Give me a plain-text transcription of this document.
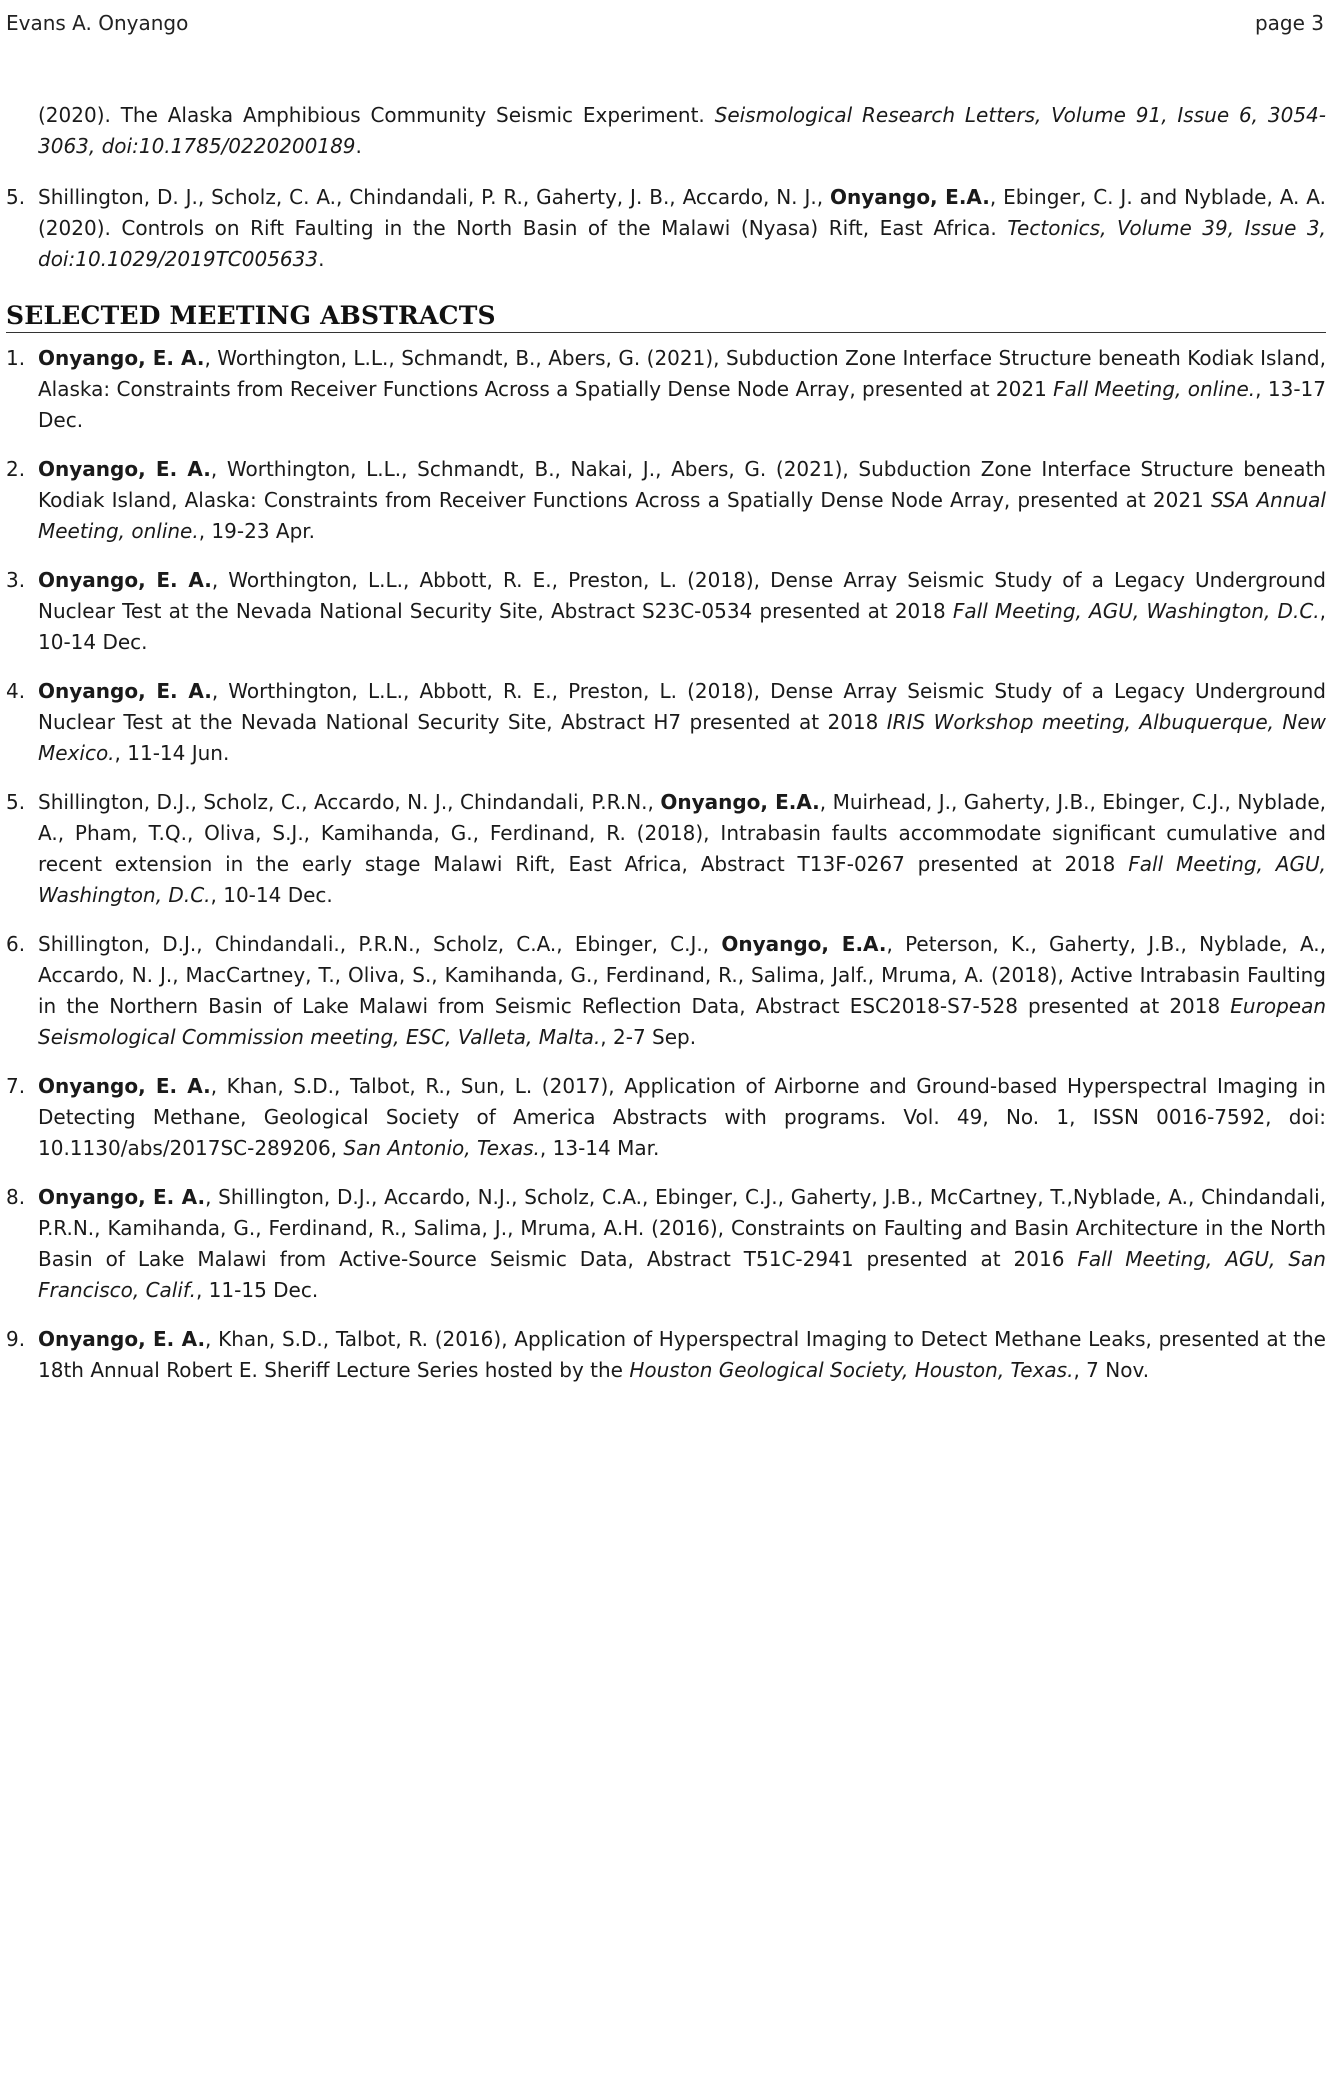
Evans A. Onyango	page 3
(2020). The Alaska Amphibious Community Seismic Experiment. Seismological Research Letters, Volume 91, Issue 6, 3054-3063, doi:10.1785/0220200189.
5. Shillington, D. J., Scholz, C. A., Chindandali, P. R., Gaherty, J. B., Accardo, N. J., Onyango, E.A., Ebinger, C. J. and Nyblade, A. A. (2020). Controls on Rift Faulting in the North Basin of the Malawi (Nyasa) Rift, East Africa. Tectonics, Volume 39, Issue 3, doi:10.1029/2019TC005633.
SELECTED MEETING ABSTRACTS
1. Onyango, E. A., Worthington, L.L., Schmandt, B., Abers, G. (2021), Subduction Zone Interface Structure beneath Kodiak Island, Alaska: Constraints from Receiver Functions Across a Spatially Dense Node Array, presented at 2021 Fall Meeting, online., 13-17 Dec.
2. Onyango, E. A., Worthington, L.L., Schmandt, B., Nakai, J., Abers, G. (2021), Subduction Zone Interface Structure beneath Kodiak Island, Alaska: Constraints from Receiver Functions Across a Spatially Dense Node Array, presented at 2021 SSA Annual Meeting, online., 19-23 Apr.
3. Onyango, E. A., Worthington, L.L., Abbott, R. E., Preston, L. (2018), Dense Array Seismic Study of a Legacy Underground Nuclear Test at the Nevada National Security Site, Abstract S23C-0534 presented at 2018 Fall Meeting, AGU, Washington, D.C., 10-14 Dec.
4. Onyango, E. A., Worthington, L.L., Abbott, R. E., Preston, L. (2018), Dense Array Seismic Study of a Legacy Underground Nuclear Test at the Nevada National Security Site, Abstract H7 presented at 2018 IRIS Workshop meeting, Albuquerque, New Mexico., 11-14 Jun.
5. Shillington, D.J., Scholz, C., Accardo, N. J., Chindandali, P.R.N., Onyango, E.A., Muirhead, J., Gaherty, J.B., Ebinger, C.J., Nyblade, A., Pham, T.Q., Oliva, S.J., Kamihanda, G., Ferdinand, R. (2018), Intrabasin faults accommodate significant cumulative and recent extension in the early stage Malawi Rift, East Africa, Abstract T13F-0267 presented at 2018 Fall Meeting, AGU, Washington, D.C., 10-14 Dec.
6. Shillington, D.J., Chindandali., P.R.N., Scholz, C.A., Ebinger, C.J., Onyango, E.A., Peterson, K., Gaherty, J.B., Nyblade, A., Accardo, N. J., MacCartney, T., Oliva, S., Kamihanda, G., Ferdinand, R., Salima, Jalf., Mruma, A. (2018), Active Intrabasin Faulting in the Northern Basin of Lake Malawi from Seismic Reflection Data, Abstract ESC2018-S7-528 presented at 2018 European Seismological Commission meeting, ESC, Valleta, Malta., 2-7 Sep.
7. Onyango, E. A., Khan, S.D., Talbot, R., Sun, L. (2017), Application of Airborne and Ground-based Hyperspectral Imaging in Detecting Methane, Geological Society of America Abstracts with programs. Vol. 49, No. 1, ISSN 0016-7592, doi: 10.1130/abs/2017SC-289206, San Antonio, Texas., 13-14 Mar.
8. Onyango, E. A., Shillington, D.J., Accardo, N.J., Scholz, C.A., Ebinger, C.J., Gaherty, J.B., McCartney, T.,Nyblade, A., Chindandali, P.R.N., Kamihanda, G., Ferdinand, R., Salima, J., Mruma, A.H. (2016), Constraints on Faulting and Basin Architecture in the North Basin of Lake Malawi from Active-Source Seismic Data, Abstract T51C-2941 presented at 2016 Fall Meeting, AGU, San Francisco, Calif., 11-15 Dec.
9. Onyango, E. A., Khan, S.D., Talbot, R. (2016), Application of Hyperspectral Imaging to Detect Methane Leaks, presented at the 18th Annual Robert E. Sheriff Lecture Series hosted by the Houston Geological Society, Houston, Texas., 7 Nov.
